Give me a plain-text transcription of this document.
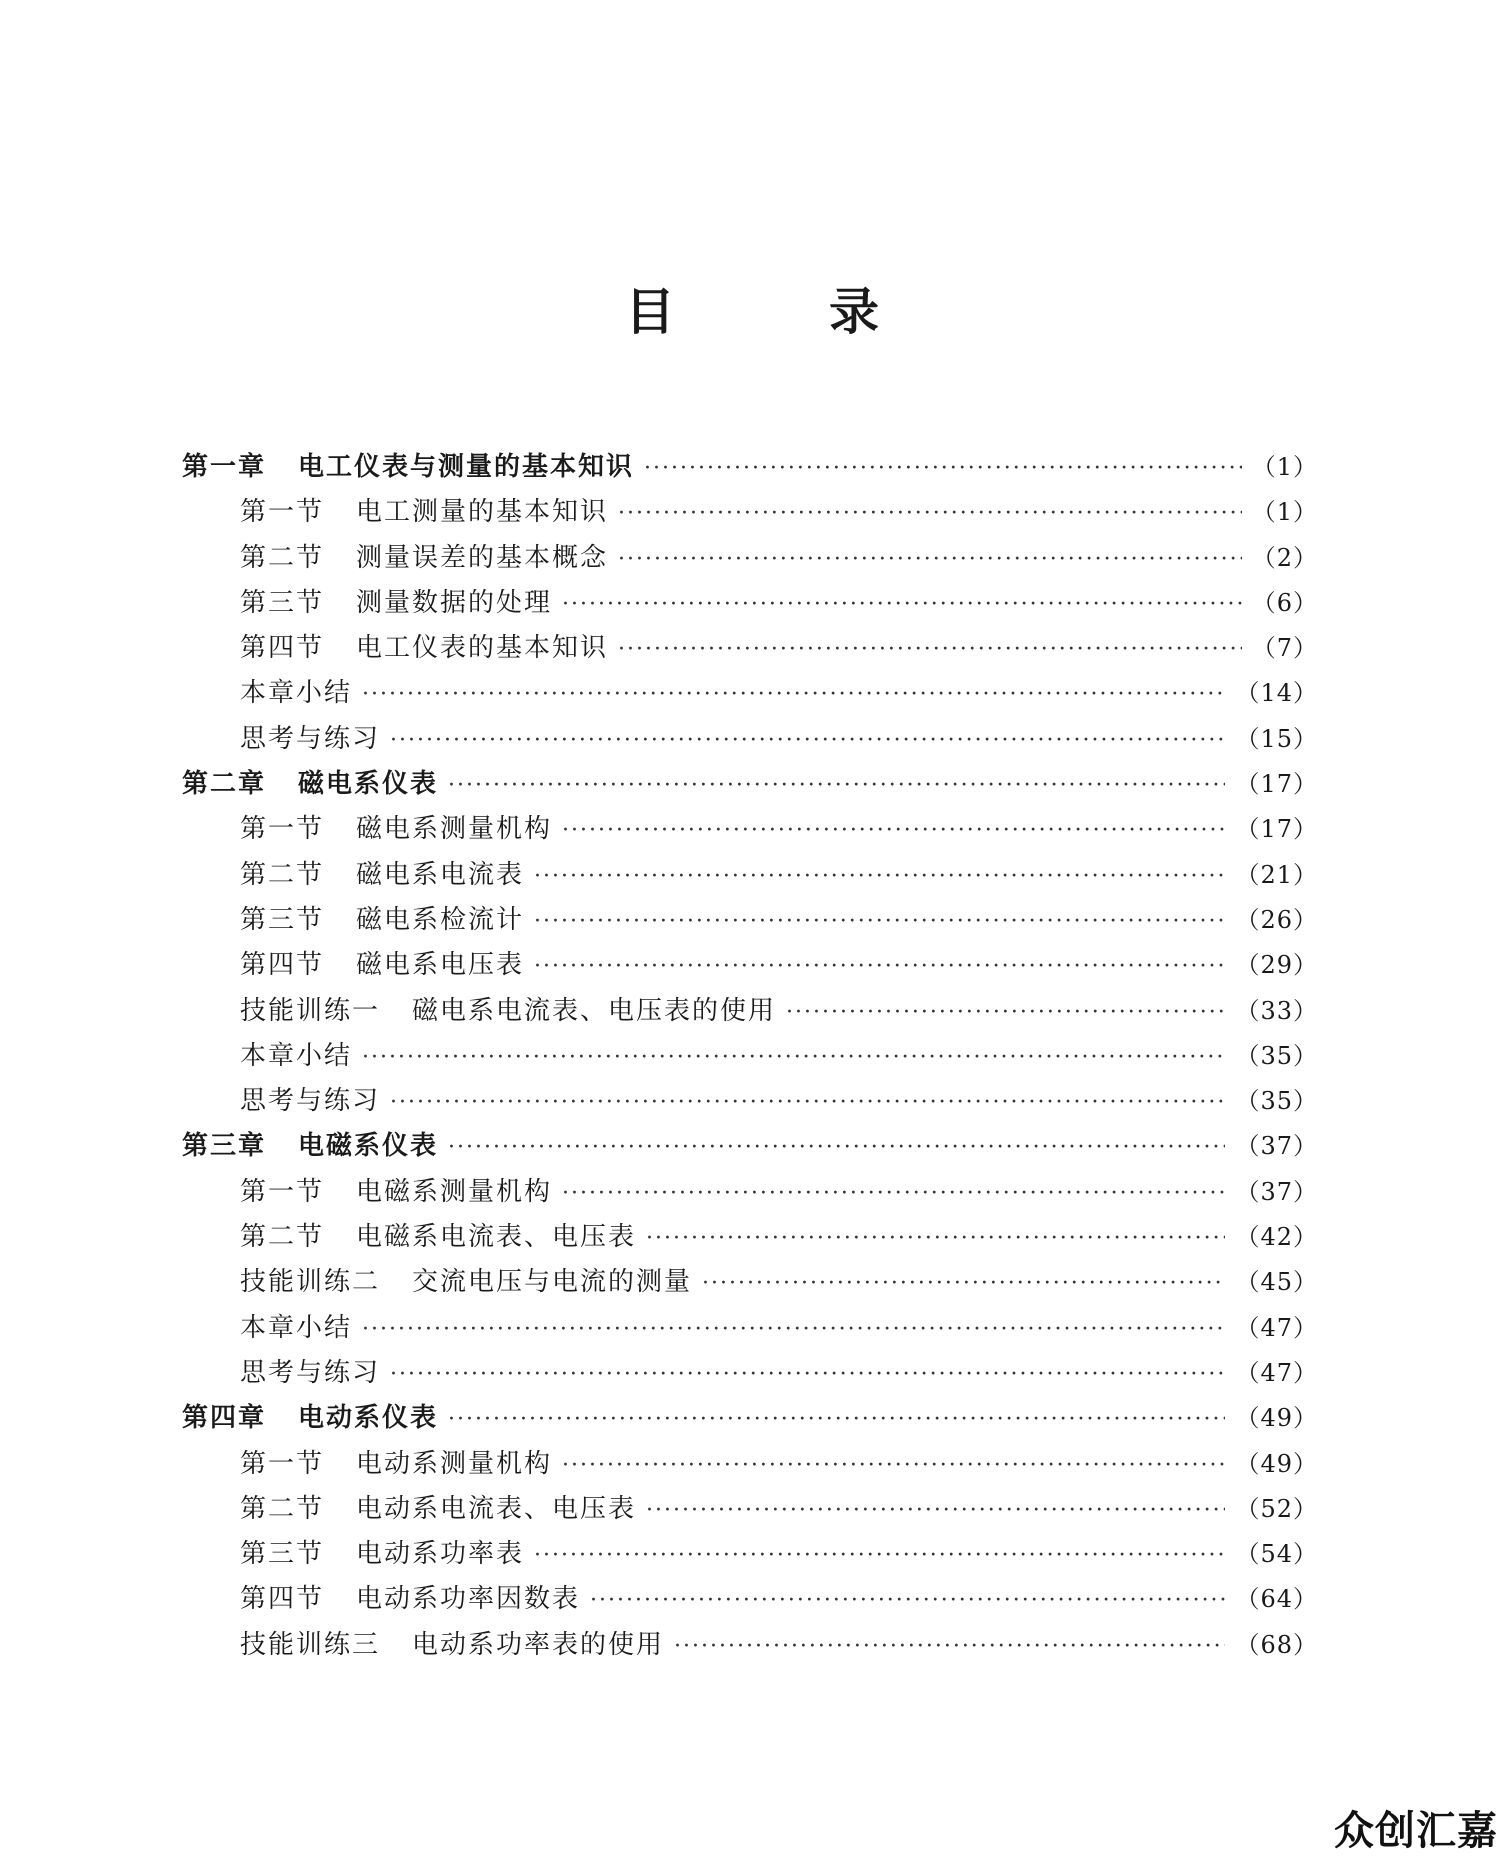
目　录
第一章	电工仪表与测量的基本知识 ·····	（1）
第一节	电工测量的基本知识 ·····	（1）
第二节	测量误差的基本概念 ·····	（2）
第三节	测量数据的处理 ·····	（6）
第四节	电工仪表的基本知识 ·····	（7）
本章小结 ·····	（14）
思考与练习 ·····	（15）
第二章	磁电系仪表 ·····	（17）
第一节	磁电系测量机构 ·····	（17）
第二节	磁电系电流表 ·····	（21）
第三节	磁电系检流计 ·····	（26）
第四节	磁电系电压表 ·····	（29）
技能训练一	磁电系电流表、电压表的使用 ·····	（33）
本章小结 ·····	（35）
思考与练习 ·····	（35）
第三章	电磁系仪表 ·····	（37）
第一节	电磁系测量机构 ·····	（37）
第二节	电磁系电流表、电压表 ·····	（42）
技能训练二	交流电压与电流的测量 ·····	（45）
本章小结 ·····	（47）
思考与练习 ·····	（47）
第四章	电动系仪表 ·····	（49）
第一节	电动系测量机构 ·····	（49）
第二节	电动系电流表、电压表 ·····	（52）
第三节	电动系功率表 ·····	（54）
第四节	电动系功率因数表 ·····	（64）
技能训练三	电动系功率表的使用 ·····	（68）
众创汇嘉
